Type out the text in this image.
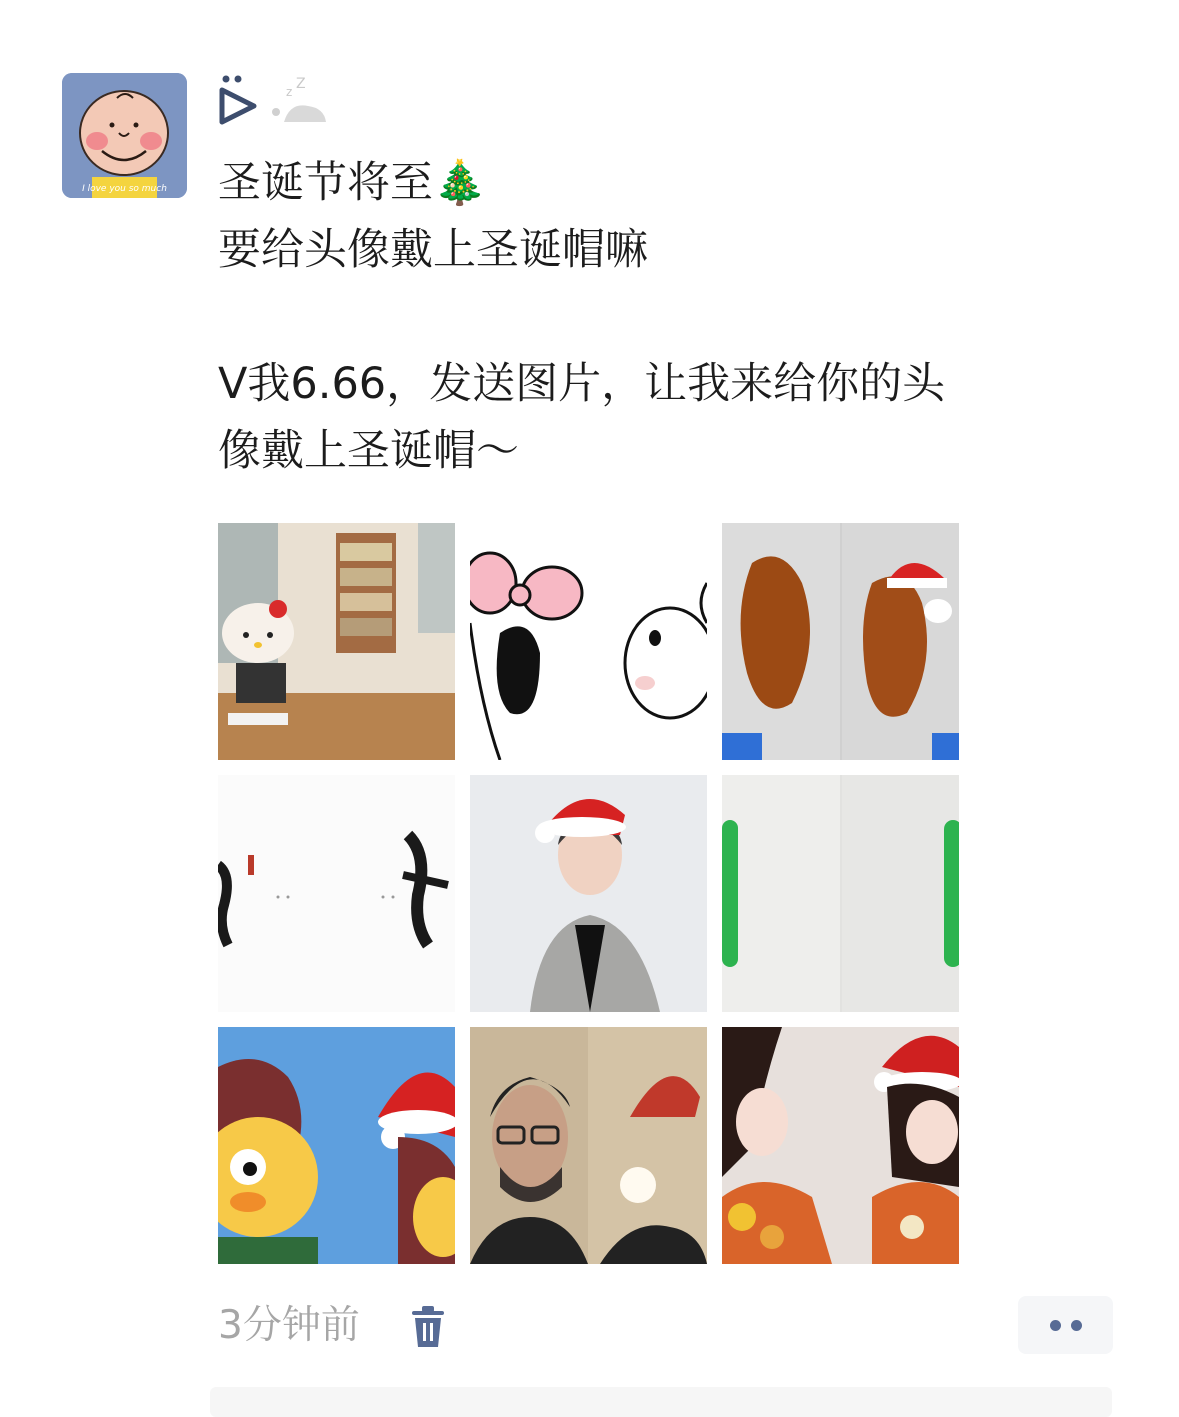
I love you so much
z Z
圣诞节将至🎄
要给头像戴上圣诞帽嘛
V我6.66，发送图片，让我来给你的头
像戴上圣诞帽～
3分钟前
